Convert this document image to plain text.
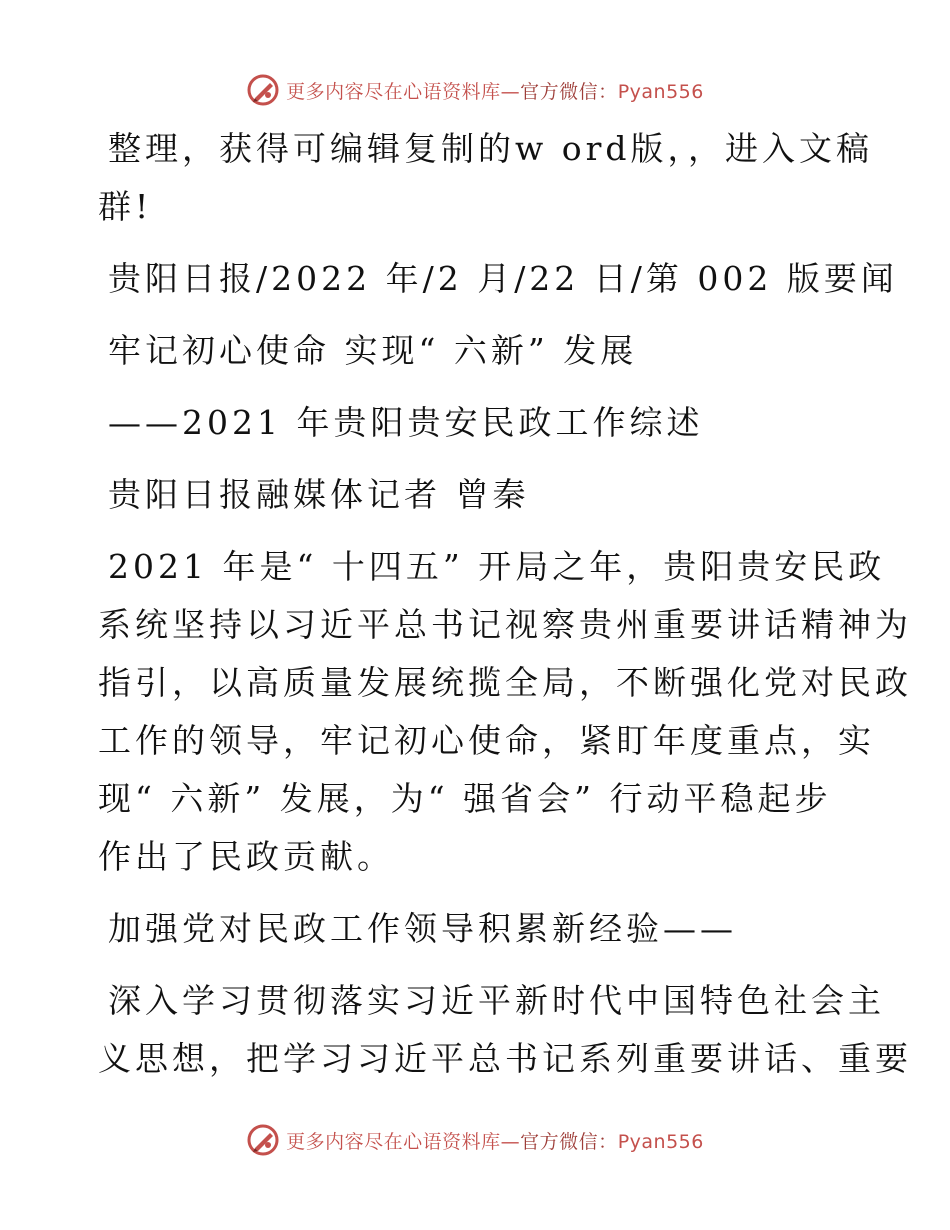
更多内容尽在心语资料库—官方微信：Pyan556
整理，获得可编辑复制的w ord版，，进入文稿
群!
贵阳日报/2022 年/2 月/22 日/第 002 版要闻
牢记初心使命 实现“ 六新” 发展
——2021 年贵阳贵安民政工作综述
贵阳日报融媒体记者 曾秦
2021 年是“ 十四五” 开局之年，贵阳贵安民政
系统坚持以习近平总书记视察贵州重要讲话精神为
指引，以高质量发展统揽全局，不断强化党对民政
工作的领导，牢记初心使命，紧盯年度重点，实
现“ 六新” 发展，为“ 强省会” 行动平稳起步
作出了民政贡献。
加强党对民政工作领导积累新经验——
深入学习贯彻落实习近平新时代中国特色社会主
义思想，把学习习近平总书记系列重要讲话、重要
更多内容尽在心语资料库—官方微信：Pyan556
